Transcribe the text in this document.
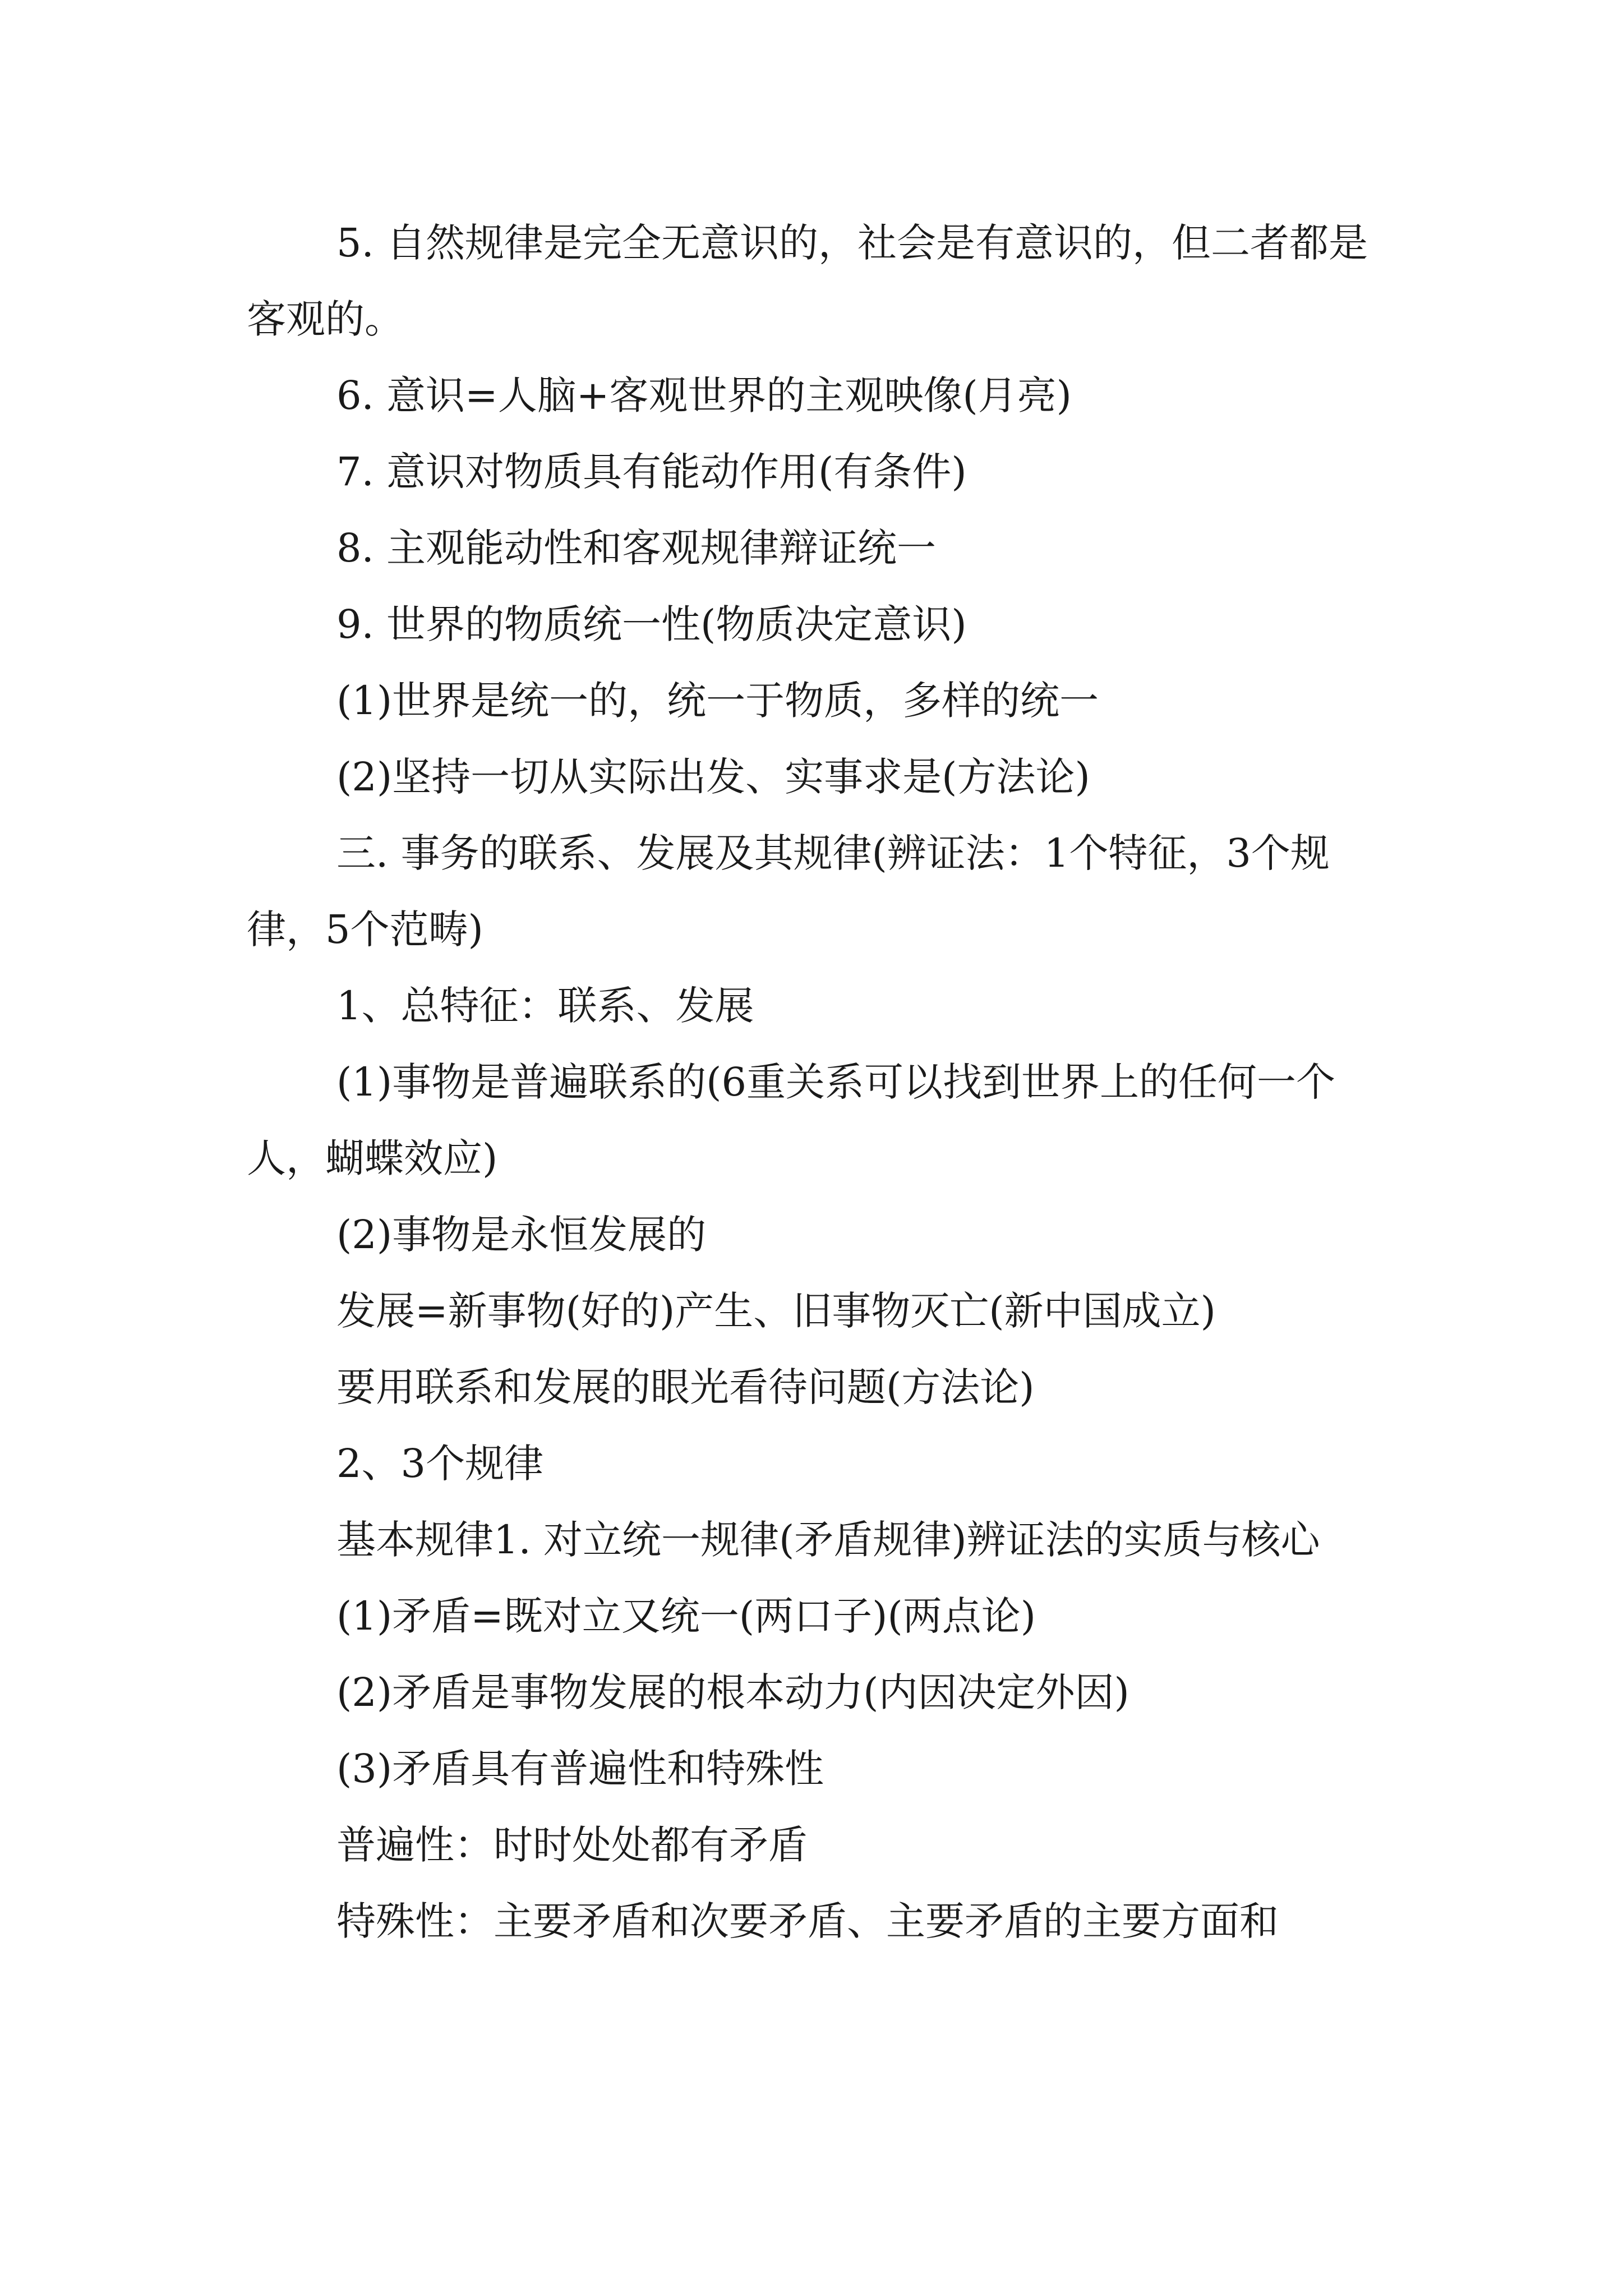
5. 自然规律是完全无意识的，社会是有意识的，但二者都是客观的。

6. 意识=人脑+客观世界的主观映像(月亮)

7. 意识对物质具有能动作用(有条件)

8. 主观能动性和客观规律辩证统一

9. 世界的物质统一性(物质决定意识)

(1)世界是统一的，统一于物质，多样的统一

(2)坚持一切从实际出发、实事求是(方法论)

三. 事务的联系、发展及其规律(辨证法：1个特征，3个规律，5个范畴)

1、总特征：联系、发展

(1)事物是普遍联系的(6重关系可以找到世界上的任何一个人，蝴蝶效应)

(2)事物是永恒发展的

发展=新事物(好的)产生、旧事物灭亡(新中国成立)

要用联系和发展的眼光看待问题(方法论)

2、3个规律

基本规律1. 对立统一规律(矛盾规律)辨证法的实质与核心

(1)矛盾=既对立又统一(两口子)(两点论)

(2)矛盾是事物发展的根本动力(内因决定外因)

(3)矛盾具有普遍性和特殊性

普遍性：时时处处都有矛盾

特殊性：主要矛盾和次要矛盾、主要矛盾的主要方面和
